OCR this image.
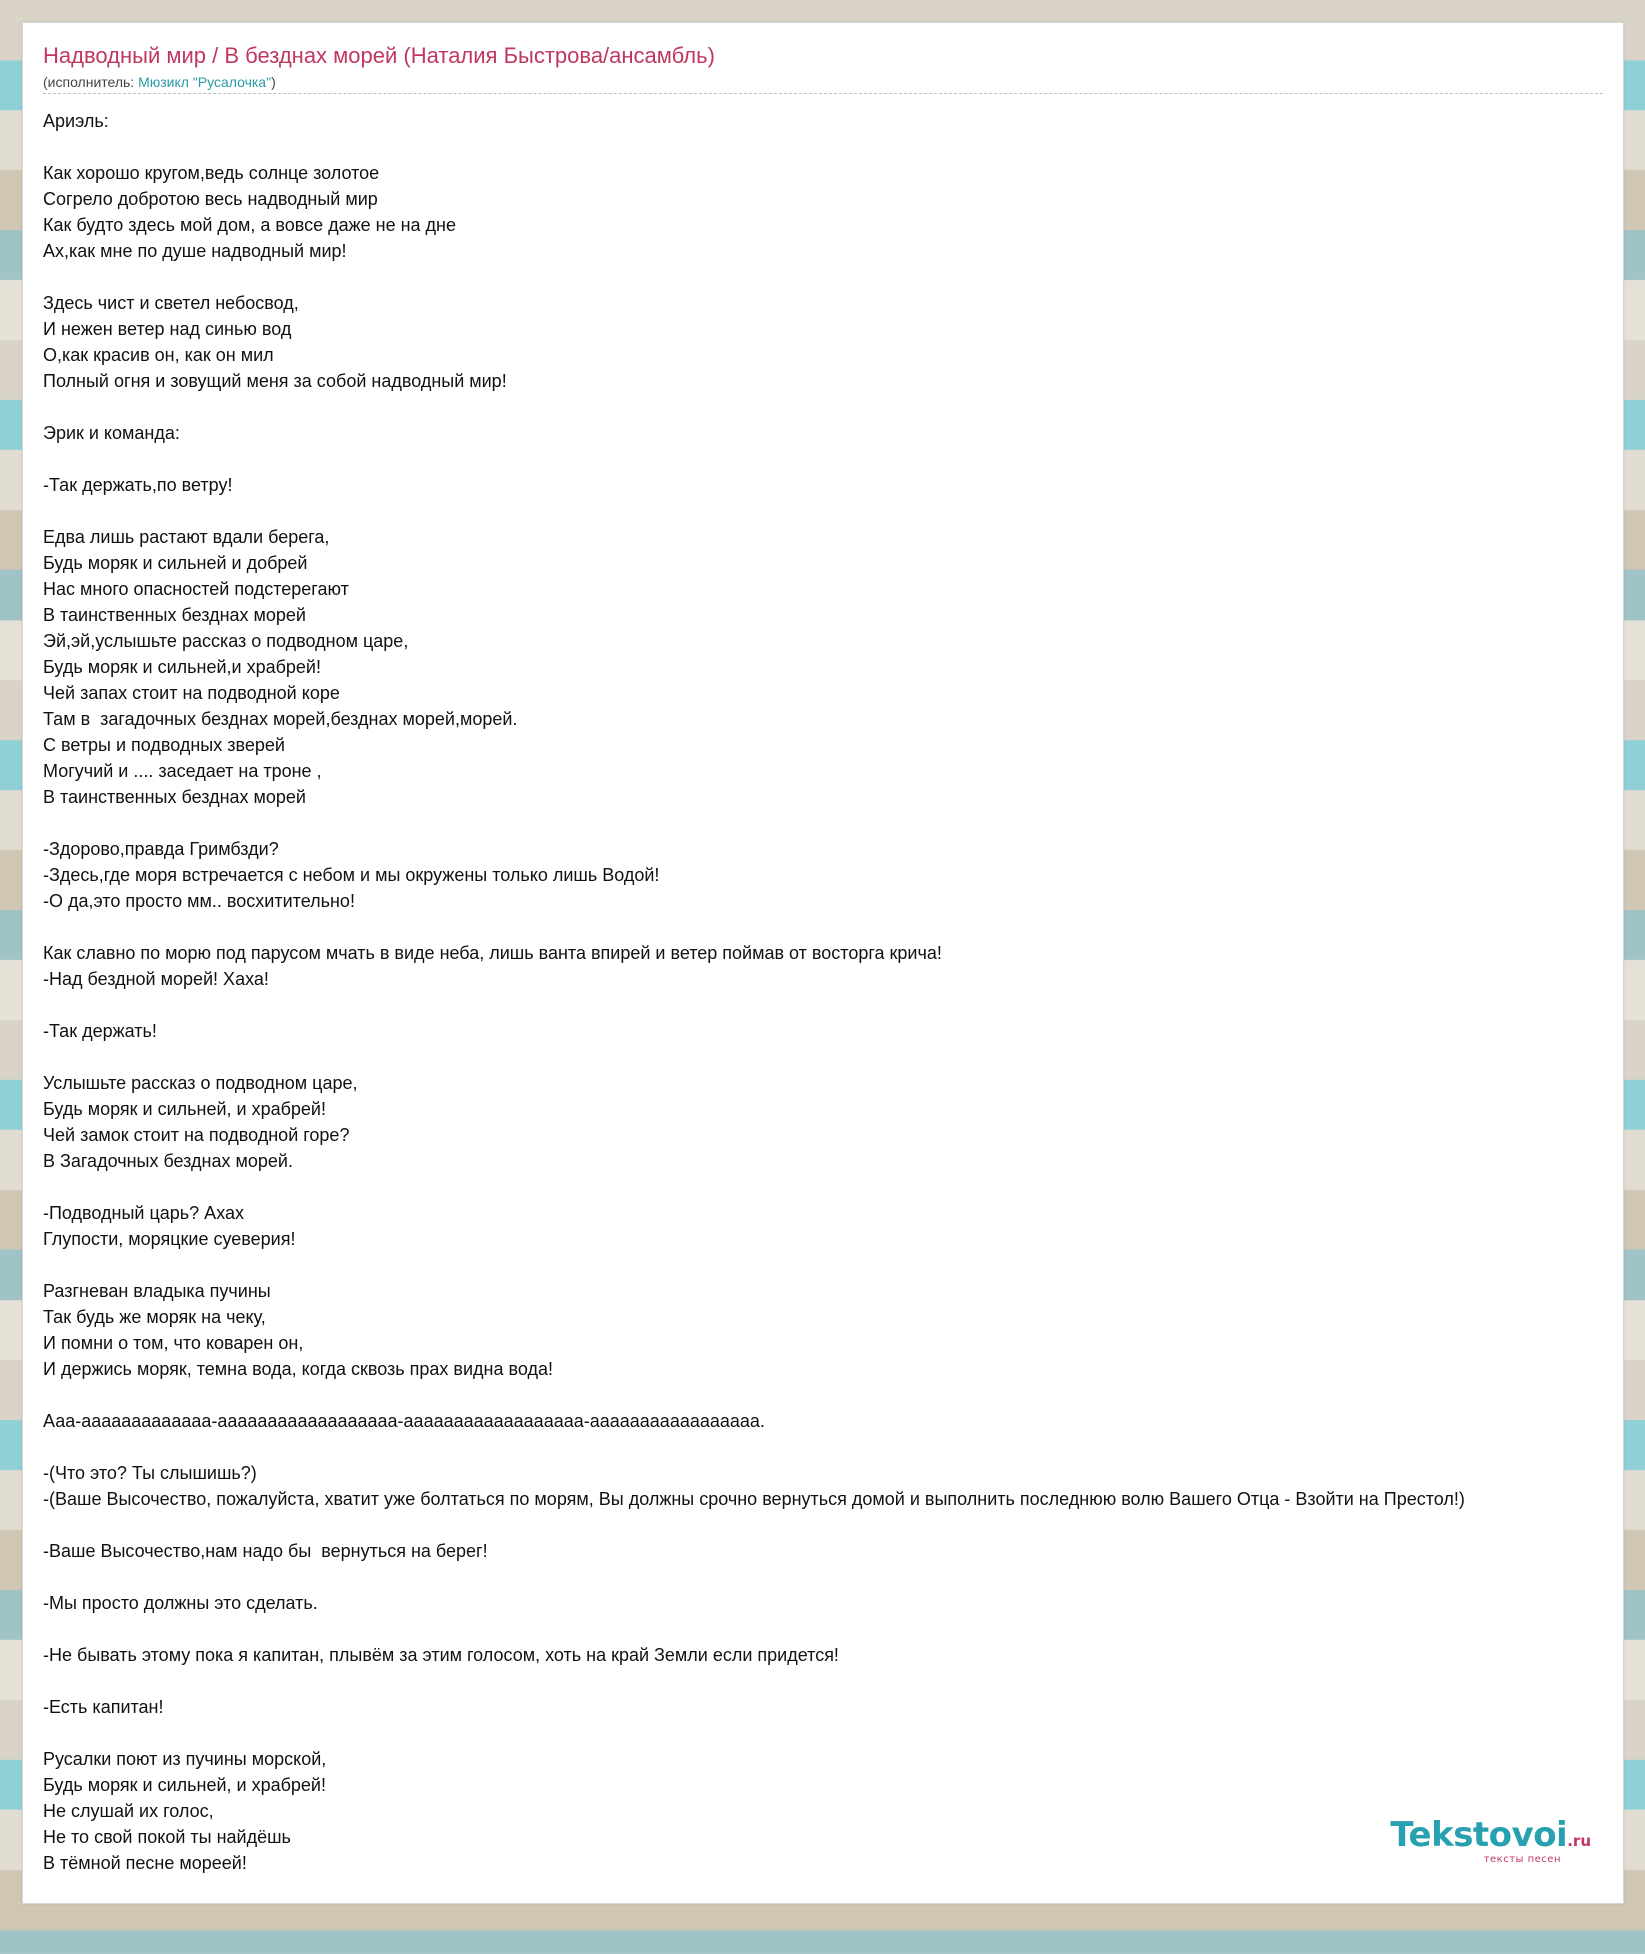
Надводный мир / В безднах морей (Наталия Быстрова/ансамбль)
(исполнитель: Мюзикл "Русалочка")
Ариэль:

Как хорошо кругом,ведь солнце золотое
Согрело добротою весь надводный мир
Как будто здесь мой дом, а вовсе даже не на дне
Ах,как мне по душе надводный мир!

Здесь чист и светел небосвод,
И нежен ветер над синью вод
О,как красив он, как он мил
Полный огня и зовущий меня за собой надводный мир!

Эрик и команда:

-Так держать,по ветру!

Едва лишь растают вдали берега,
Будь моряк и сильней и добрей
Нас много опасностей подстерегают
В таинственных безднах морей
Эй,эй,услышьте рассказ о подводном царе,
Будь моряк и сильней,и храбрей!
Чей запах стоит на подводной коре
Там в  загадочных безднах морей,безднах морей,морей.
С ветры и подводных зверей
Могучий и .... заседает на троне ,
В таинственных безднах морей

-Здорово,правда Гримбзди?
-Здесь,где моря встречается с небом и мы окружены только лишь Водой!
-О да,это просто мм.. восхитительно!

Как славно по морю под парусом мчать в виде неба, лишь ванта впирей и ветер поймав от восторга крича!
-Над бездной морей! Хаха!

-Так держать!

Услышьте рассказ о подводном царе,
Будь моряк и сильней, и храбрей!
Чей замок стоит на подводной горе?
В Загадочных безднах морей.

-Подводный царь? Ахах
Глупости, моряцкие суеверия!

Разгневан владыка пучины
Так будь же моряк на чеку,
И помни о том, что коварен он,
И держись моряк, темна вода, когда сквозь прах видна вода!

Ааа-ааааааааааааа-аааааааааааааааааа-аааааааааааааааааа-ааааааааааааааааа.

-(Что это? Ты слышишь?)
-(Ваше Высочество, пожалуйста, хватит уже болтаться по морям, Вы должны срочно вернуться домой и выполнить последнюю волю Вашего Отца - Взойти на Престол!)

-Ваше Высочество,нам надо бы  вернуться на берег!

-Мы просто должны это сделать.

-Не бывать этому пока я капитан, плывём за этим голосом, хоть на край Земли если придется!

-Есть капитан!

Русалки поют из пучины морской,
Будь моряк и сильней, и храбрей!
Не слушай их голос,
Не то свой покой ты найдёшь
В тёмной песне мореей!
Tekstovoi.ru
тексты песен
